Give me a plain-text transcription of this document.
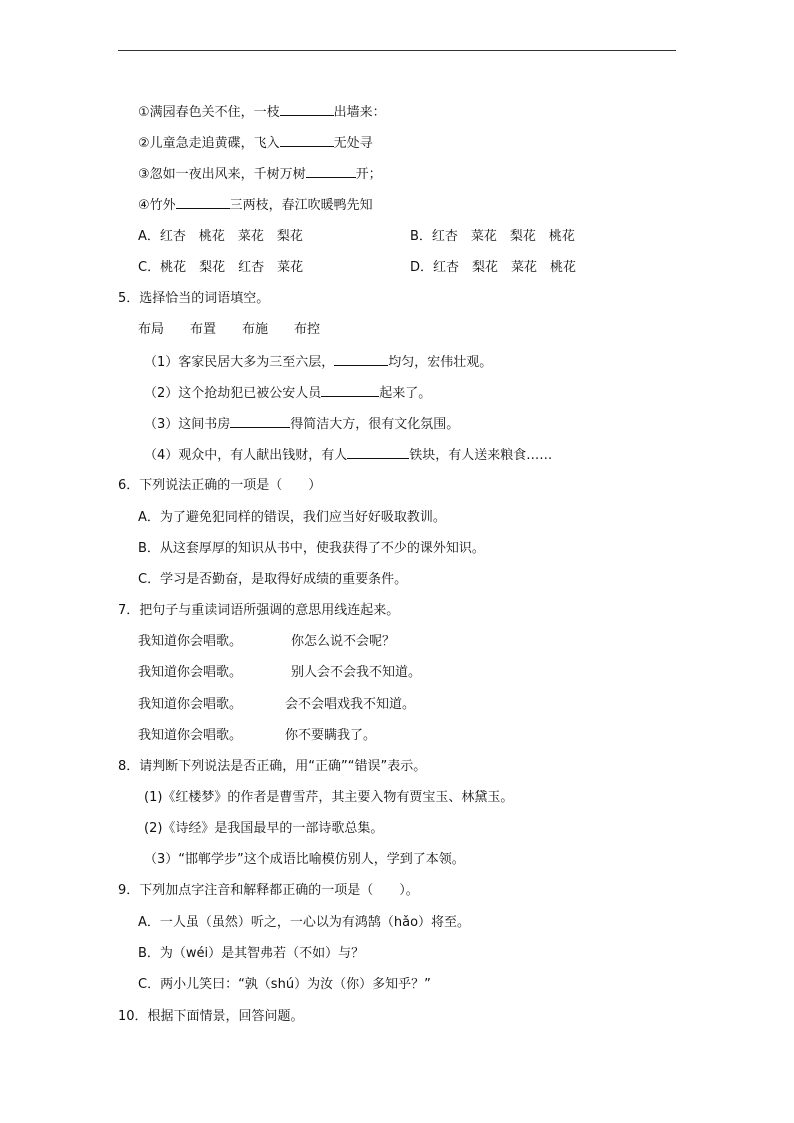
①满园春色关不住，一枝	出墙来：
②儿童急走追黄碟，飞入	无处寻
③忽如一夜出风来，千树万树	开；
④竹外	三两枝，春江吹暖鸭先知
A．红杏　桃花　菜花　梨花	B．红杏　菜花　梨花　桃花
C．桃花　梨花　红杏　菜花	D．红杏　梨花　菜花　桃花
5．选择恰当的词语填空。
布局　　布置　　布施　　布控
（1）客家民居大多为三至六层，	均匀，宏伟壮观。
（2）这个抢劫犯已被公安人员	起来了。
（3）这间书房	得简洁大方，很有文化氛围。
（4）观众中，有人献出钱财，有人	铁块，有人送来粮食……
6．下列说法正确的一项是（　　）
A．为了避免犯同样的错误，我们应当好好吸取教训。
B．从这套厚厚的知识从书中，使我获得了不少的课外知识。
C．学习是否勤奋，是取得好成绩的重要条件。
7．把句子与重读词语所强调的意思用线连起来。
我知道你会唱歌。	你怎么说不会呢？
我知道你会唱歌。	别人会不会我不知道。
我知道你会唱歌。	会不会唱戏我不知道。
我知道你会唱歌。	你不要瞒我了。
8．请判断下列说法是否正确，用“正确”“错误”表示。
(1)《红楼梦》的作者是曹雪芹，其主要入物有贾宝玉、林黛玉。
(2)《诗经》是我国最早的一部诗歌总集。
（3）“邯郸学步”这个成语比喻模仿别人，学到了本领。
9．下列加点字注音和解释都正确的一项是（　　）。
A．一人虽（虽然）听之，一心以为有鸿鹄（hǎo）将至。
B．为（wéi）是其智弗若（不如）与？
C．两小儿笑曰：“孰（shú）为汝（你）多知乎？”
10．根据下面情景，回答问题。
